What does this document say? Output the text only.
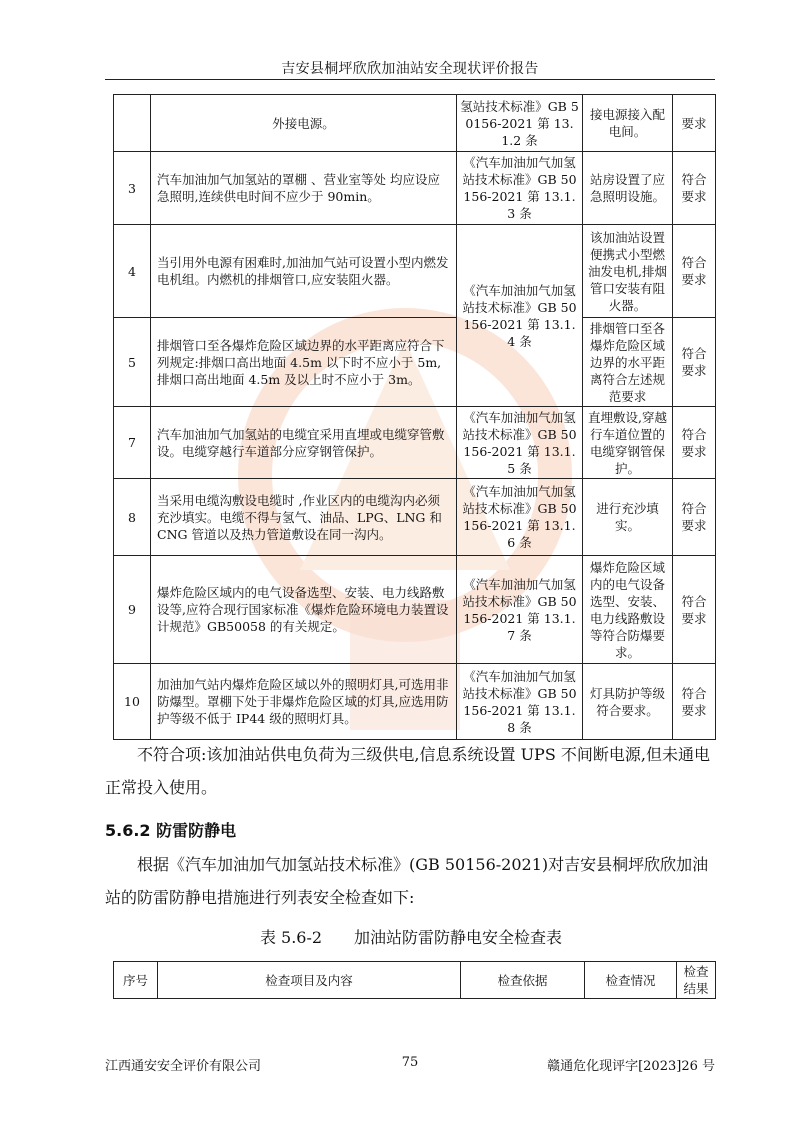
吉安县桐坪欣欣加油站安全现状评价报告
	外接电源。	氢站技术标准》GB 50156-2021 第 13.1.2 条	接电源接入配电间。	要求
3	汽车加油加气加氢站的罩棚 、营业室等处 均应设应急照明,连续供电时间不应少于 90min。	《汽车加油加气加氢站技术标准》GB 50156-2021 第 13.1.3 条	站房设置了应急照明设施。	符合要求
4	当引用外电源有困难时,加油加气站可设置小型内燃发电机组。内燃机的排烟管口,应安装阻火器。	《汽车加油加气加氢站技术标准》GB 50156-2021 第 13.1.4 条	该加油站设置便携式小型燃油发电机,排烟管口安装有阻火器。	符合要求
5	排烟管口至各爆炸危险区域边界的水平距离应符合下列规定:排烟口高出地面 4.5m 以下时不应小于 5m,排烟口高出地面 4.5m 及以上时不应小于 3m。		排烟管口至各爆炸危险区域边界的水平距离符合左述规范要求	符合要求
7	汽车加油加气加氢站的电缆宜采用直埋或电缆穿管敷设。电缆穿越行车道部分应穿钢管保护。	《汽车加油加气加氢站技术标准》GB 50156-2021 第 13.1.5 条	直埋敷设,穿越行车道位置的电缆穿钢管保护。	符合要求
8	当采用电缆沟敷设电缆时 ,作业区内的电缆沟内必须充沙填实。电缆不得与氢气、油品、LPG、LNG 和 CNG 管道以及热力管道敷设在同一沟内。	《汽车加油加气加氢站技术标准》GB 50156-2021 第 13.1.6 条	进行充沙填实。	符合要求
9	爆炸危险区域内的电气设备选型、安装、电力线路敷设等,应符合现行国家标准《爆炸危险环境电力装置设计规范》GB50058 的有关规定。	《汽车加油加气加氢站技术标准》GB 50156-2021 第 13.1.7 条	爆炸危险区域内的电气设备选型、安装、电力线路敷设等符合防爆要求。	符合要求
10	加油加气站内爆炸危险区域以外的照明灯具,可选用非防爆型。罩棚下处于非爆炸危险区域的灯具,应选用防护等级不低于 IP44 级的照明灯具。	《汽车加油加气加氢站技术标准》GB 50156-2021 第 13.1.8 条	灯具防护等级符合要求。	符合要求
不符合项:该加油站供电负荷为三级供电,信息系统设置 UPS 不间断电源,但未通电正常投入使用。
5.6.2 防雷防静电
根据《汽车加油加气加氢站技术标准》(GB 50156-2021)对吉安县桐坪欣欣加油站的防雷防静电措施进行列表安全检查如下:
表 5.6-2　　加油站防雷防静电安全检查表
序号	检查项目及内容	检查依据	检查情况	检查结果
江西通安安全评价有限公司	75	赣通危化现评字[2023]26 号
